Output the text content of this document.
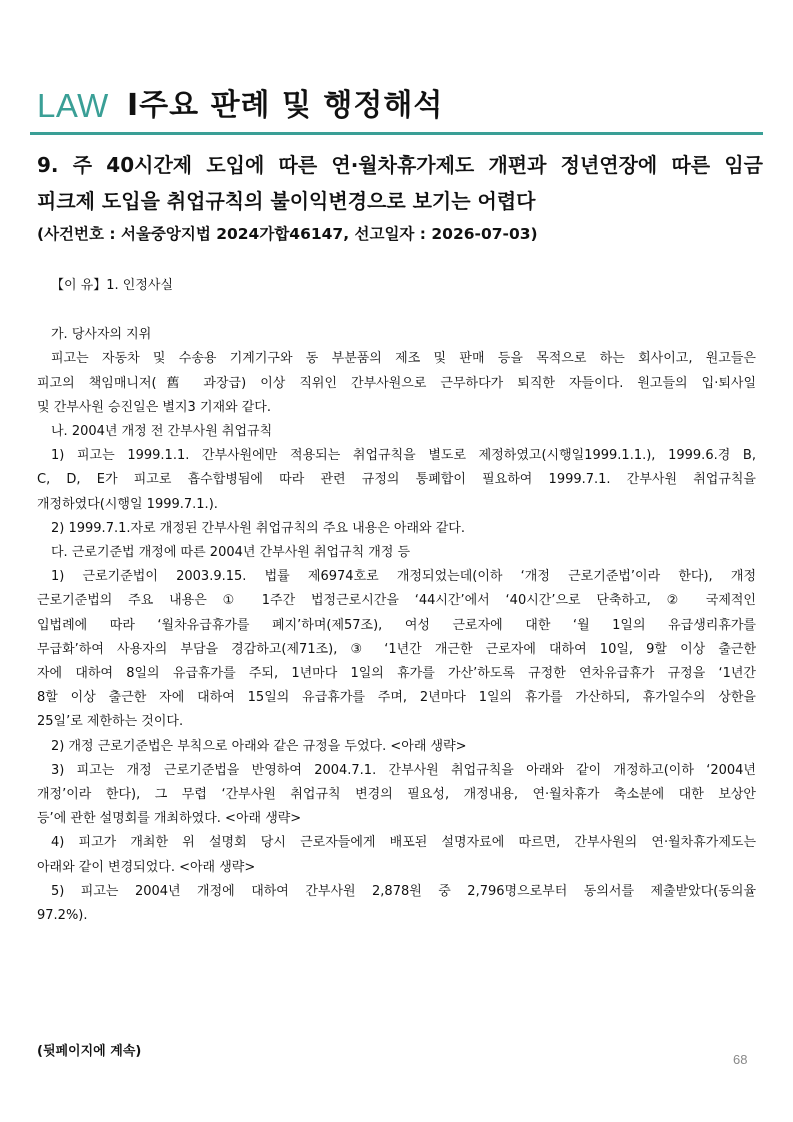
LAW Ⅰ주요 판례 및 행정해석
9. 주 40시간제 도입에 따른 연·월차휴가제도 개편과 정년연장에 따른 임금
피크제 도입을 취업규칙의 불이익변경으로 보기는 어렵다
(사건번호 : 서울중앙지법 2024가합46147, 선고일자 : 2026-07-03)

【이 유】1. 인정사실

가. 당사자의 지위

피고는 자동차 및 수송용 기계기구와 동 부분품의 제조 및 판매 등을 목적으로 하는 회사이고, 원고들은

피고의 책임매니저(舊 과장급) 이상 직위인 간부사원으로 근무하다가 퇴직한 자들이다. 원고들의 입·퇴사일

및 간부사원 승진일은 별지3 기재와 같다.

나. 2004년 개정 전 간부사원 취업규칙

1) 피고는 1999.1.1. 간부사원에만 적용되는 취업규칙을 별도로 제정하였고(시행일1999.1.1.), 1999.6.경 B,

C, D, E가 피고로 흡수합병됨에 따라 관련 규정의 통폐합이 필요하여 1999.7.1. 간부사원 취업규칙을

개정하였다(시행일 1999.7.1.).

2) 1999.7.1.자로 개정된 간부사원 취업규칙의 주요 내용은 아래와 같다.

다. 근로기준법 개정에 따른 2004년 간부사원 취업규칙 개정 등

1) 근로기준법이 2003.9.15. 법률 제6974호로 개정되었는데(이하 ‘개정 근로기준법’이라 한다), 개정

근로기준법의 주요 내용은 ① 1주간 법정근로시간을 ‘44시간’에서 ‘40시간’으로 단축하고, ② 국제적인

입법례에 따라 ‘월차유급휴가를 폐지’하며(제57조), 여성 근로자에 대한 ‘월 1일의 유급생리휴가를

무급화’하여 사용자의 부담을 경감하고(제71조), ③ ‘1년간 개근한 근로자에 대하여 10일, 9할 이상 출근한

자에 대하여 8일의 유급휴가를 주되, 1년마다 1일의 휴가를 가산’하도록 규정한 연차유급휴가 규정을 ‘1년간

8할 이상 출근한 자에 대하여 15일의 유급휴가를 주며, 2년마다 1일의 휴가를 가산하되, 휴가일수의 상한을

25일’로 제한하는 것이다.

2) 개정 근로기준법은 부칙으로 아래와 같은 규정을 두었다. <아래 생략>

3) 피고는 개정 근로기준법을 반영하여 2004.7.1. 간부사원 취업규칙을 아래와 같이 개정하고(이하 ‘2004년

개정’이라 한다), 그 무렵 ‘간부사원 취업규칙 변경의 필요성, 개정내용, 연·월차휴가 축소분에 대한 보상안

등’에 관한 설명회를 개최하였다. <아래 생략>

4) 피고가 개최한 위 설명회 당시 근로자들에게 배포된 설명자료에 따르면, 간부사원의 연·월차휴가제도는

아래와 같이 변경되었다. <아래 생략>

5) 피고는 2004년 개정에 대하여 간부사원 2,878원 중 2,796명으로부터 동의서를 제출받았다(동의율

97.2%).

(뒷페이지에 계속)
68
